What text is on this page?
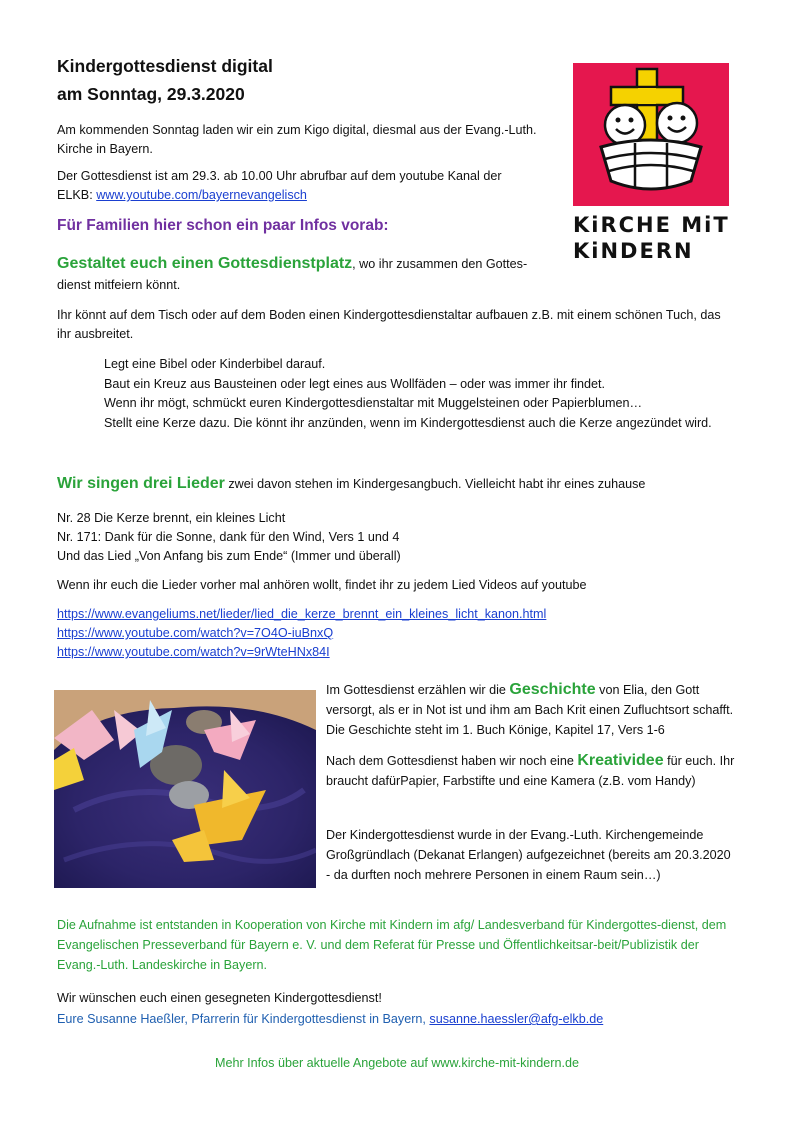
Kindergottesdienst digital
am Sonntag, 29.3.2020
KiRCHE MiT
KiNDERN

Am kommenden Sonntag laden wir ein zum Kigo digital, diesmal aus der Evang.-Luth. Kirche in Bayern.

Der Gottesdienst ist am 29.3. ab 10.00 Uhr abrufbar auf dem youtube Kanal der ELKB: www.youtube.com/bayernevangelisch

Für Familien hier schon ein paar Infos vorab:

Gestaltet euch einen Gottesdienstplatz, wo ihr zusammen den Gottes-dienst mitfeiern könnt.

Ihr könnt auf dem Tisch oder auf dem Boden einen Kindergottesdienstaltar aufbauen z.B. mit einem schönen Tuch, das ihr ausbreitet.

Legt eine Bibel oder Kinderbibel darauf.
Baut ein Kreuz aus Bausteinen oder legt eines aus Wollfäden – oder was immer ihr findet.
Wenn ihr mögt, schmückt euren Kindergottesdienstaltar mit Muggelsteinen oder Papierblumen…
Stellt eine Kerze dazu. Die könnt ihr anzünden, wenn im Kindergottesdienst auch die Kerze angezündet wird.

Wir singen drei Lieder zwei davon stehen im Kindergesangbuch. Vielleicht habt ihr eines zuhause

Nr. 28 Die Kerze brennt, ein kleines Licht
Nr. 171: Dank für die Sonne, dank für den Wind, Vers 1 und 4
Und das Lied „Von Anfang bis zum Ende“ (Immer und überall)

Wenn ihr euch die Lieder vorher mal anhören wollt, findet ihr zu jedem Lied Videos auf youtube

https://www.evangeliums.net/lieder/lied_die_kerze_brennt_ein_kleines_licht_kanon.html
https://www.youtube.com/watch?v=7O4O-iuBnxQ
https://www.youtube.com/watch?v=9rWteHNx84I

Im Gottesdienst erzählen wir die Geschichte von Elia, den Gott versorgt, als er in Not ist und ihm am Bach Krit einen Zufluchtsort schafft. Die Geschichte steht im 1. Buch Könige, Kapitel 17, Vers 1-6

Nach dem Gottesdienst haben wir noch eine Kreatividee für euch. Ihr braucht dafürPapier, Farbstifte und eine Kamera (z.B. vom Handy)

Der Kindergottesdienst wurde in der Evang.-Luth. Kirchengemeinde Großgründlach (Dekanat Erlangen) aufgezeichnet (bereits am 20.3.2020 - da durften noch mehrere Personen in einem Raum sein…)

Die Aufnahme ist entstanden in Kooperation von Kirche mit Kindern im afg/ Landesverband für Kindergottes-dienst, dem Evangelischen Presseverband für Bayern e. V. und dem Referat für Presse und Öffentlichkeitsar-beit/Publizistik der Evang.-Luth. Landeskirche in Bayern.

Wir wünschen euch einen gesegneten Kindergottesdienst!

Eure Susanne Haeßler, Pfarrerin für Kindergottesdienst in Bayern, susanne.haessler@afg-elkb.de

Mehr Infos über aktuelle Angebote auf www.kirche-mit-kindern.de
